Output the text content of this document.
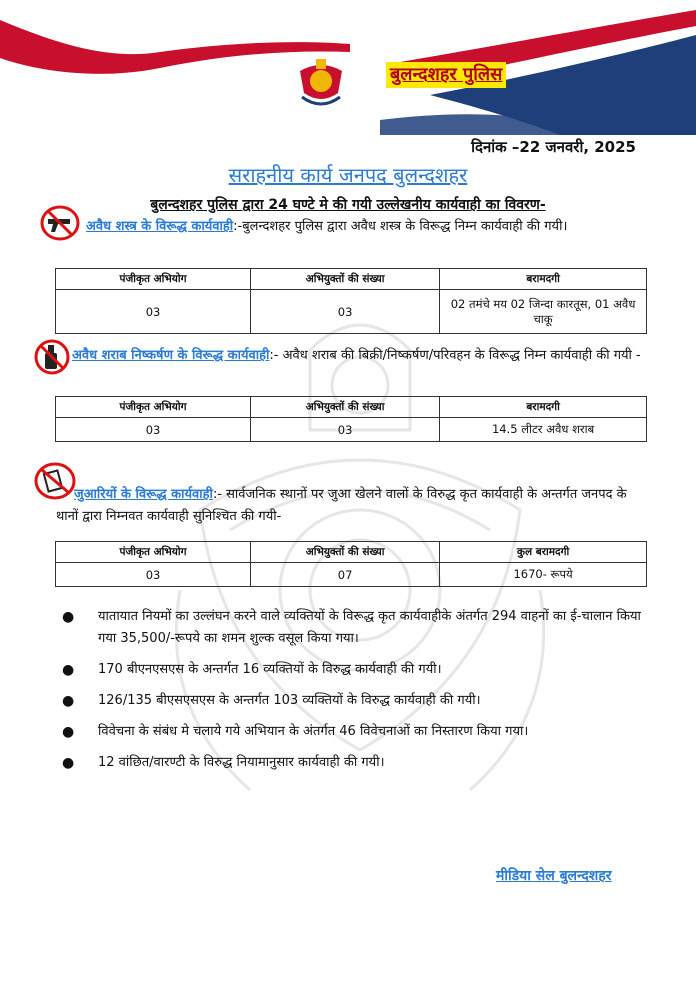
बुलन्दशहर पुलिस
दिनांक –22 जनवरी, 2025
सराहनीय कार्य जनपद बुलन्दशहर
बुलन्दशहर पुलिस द्वारा 24 घण्टे मे की गयी उल्लेखनीय कार्यवाही का विवरण-
अवैध शस्त्र के विरूद्ध कार्यवाही:-बुलन्दशहर पुलिस द्वारा अवैध शस्त्र के विरूद्ध निम्न कार्यवाही की गयी।
पंजीकृत अभियोग	अभियुक्तों की संख्या	बरामदगी
03	03	02 तमंचे मय 02 जिन्दा कारतूस, 01 अवैध चाकू
अवैध शराब निष्कर्षण के विरूद्ध कार्यवाही:- अवैध शराब की बिक्री/निष्कर्षण/परिवहन के विरूद्ध निम्न कार्यवाही की गयी -
पंजीकृत अभियोग	अभियुक्तों की संख्या	बरामदगी
03	03	14.5 लीटर अवैध शराब
जुआरियों के विरूद्ध कार्यवाही:- सार्वजनिक स्थानों पर जुआ खेलने वालों के विरुद्ध कृत कार्यवाही के अन्तर्गत जनपद के थानों द्वारा निम्नवत कार्यवाही सुनिश्चित की गयी-
पंजीकृत अभियोग	अभियुक्तों की संख्या	कुल बरामदगी
03	07	1670- रूपये
● यातायात नियमों का उल्लंघन करने वाले व्यक्तियों के विरूद्ध कृत कार्यवाहीके अंतर्गत 294 वाहनों का ई-चालान किया गया 35,500/-रूपये का शमन शुल्क वसूल किया गया।
● 170 बीएनएसएस के अन्तर्गत 16 व्यक्तियों के विरुद्ध कार्यवाही की गयी।
● 126/135 बीएसएसएस के अन्तर्गत 103 व्यक्तियों के विरुद्ध कार्यवाही की गयी।
● विवेचना के संबंध मे चलाये गये अभियान के अंतर्गत 46 विवेचनाओं का निस्तारण किया गया।
● 12 वांछित/वारण्टी के विरुद्ध नियामानुसार कार्यवाही की गयी।
मीडिया सेल बुलन्दशहर
